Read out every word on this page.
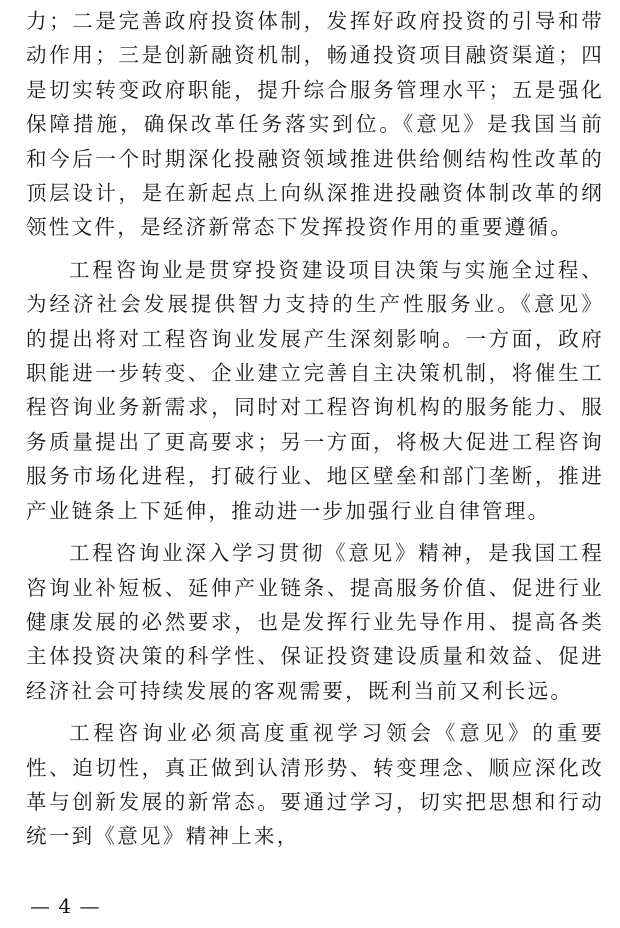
力；二是完善政府投资体制，发挥好政府投资的引导和带动作用；三是创新融资机制，畅通投资项目融资渠道；四是切实转变政府职能，提升综合服务管理水平；五是强化保障措施，确保改革任务落实到位。《意见》是我国当前和今后一个时期深化投融资领域推进供给侧结构性改革的顶层设计，是在新起点上向纵深推进投融资体制改革的纲领性文件，是经济新常态下发挥投资作用的重要遵循。

工程咨询业是贯穿投资建设项目决策与实施全过程、为经济社会发展提供智力支持的生产性服务业。《意见》的提出将对工程咨询业发展产生深刻影响。一方面，政府职能进一步转变、企业建立完善自主决策机制，将催生工程咨询业务新需求，同时对工程咨询机构的服务能力、服务质量提出了更高要求；另一方面，将极大促进工程咨询服务市场化进程，打破行业、地区壁垒和部门垄断，推进产业链条上下延伸，推动进一步加强行业自律管理。

工程咨询业深入学习贯彻《意见》精神，是我国工程咨询业补短板、延伸产业链条、提高服务价值、促进行业健康发展的必然要求，也是发挥行业先导作用、提高各类主体投资决策的科学性、保证投资建设质量和效益、促进经济社会可持续发展的客观需要，既利当前又利长远。

工程咨询业必须高度重视学习领会《意见》的重要性、迫切性，真正做到认清形势、转变理念、顺应深化改革与创新发展的新常态。要通过学习，切实把思想和行动统一到《意见》精神上来，

— 4 —
